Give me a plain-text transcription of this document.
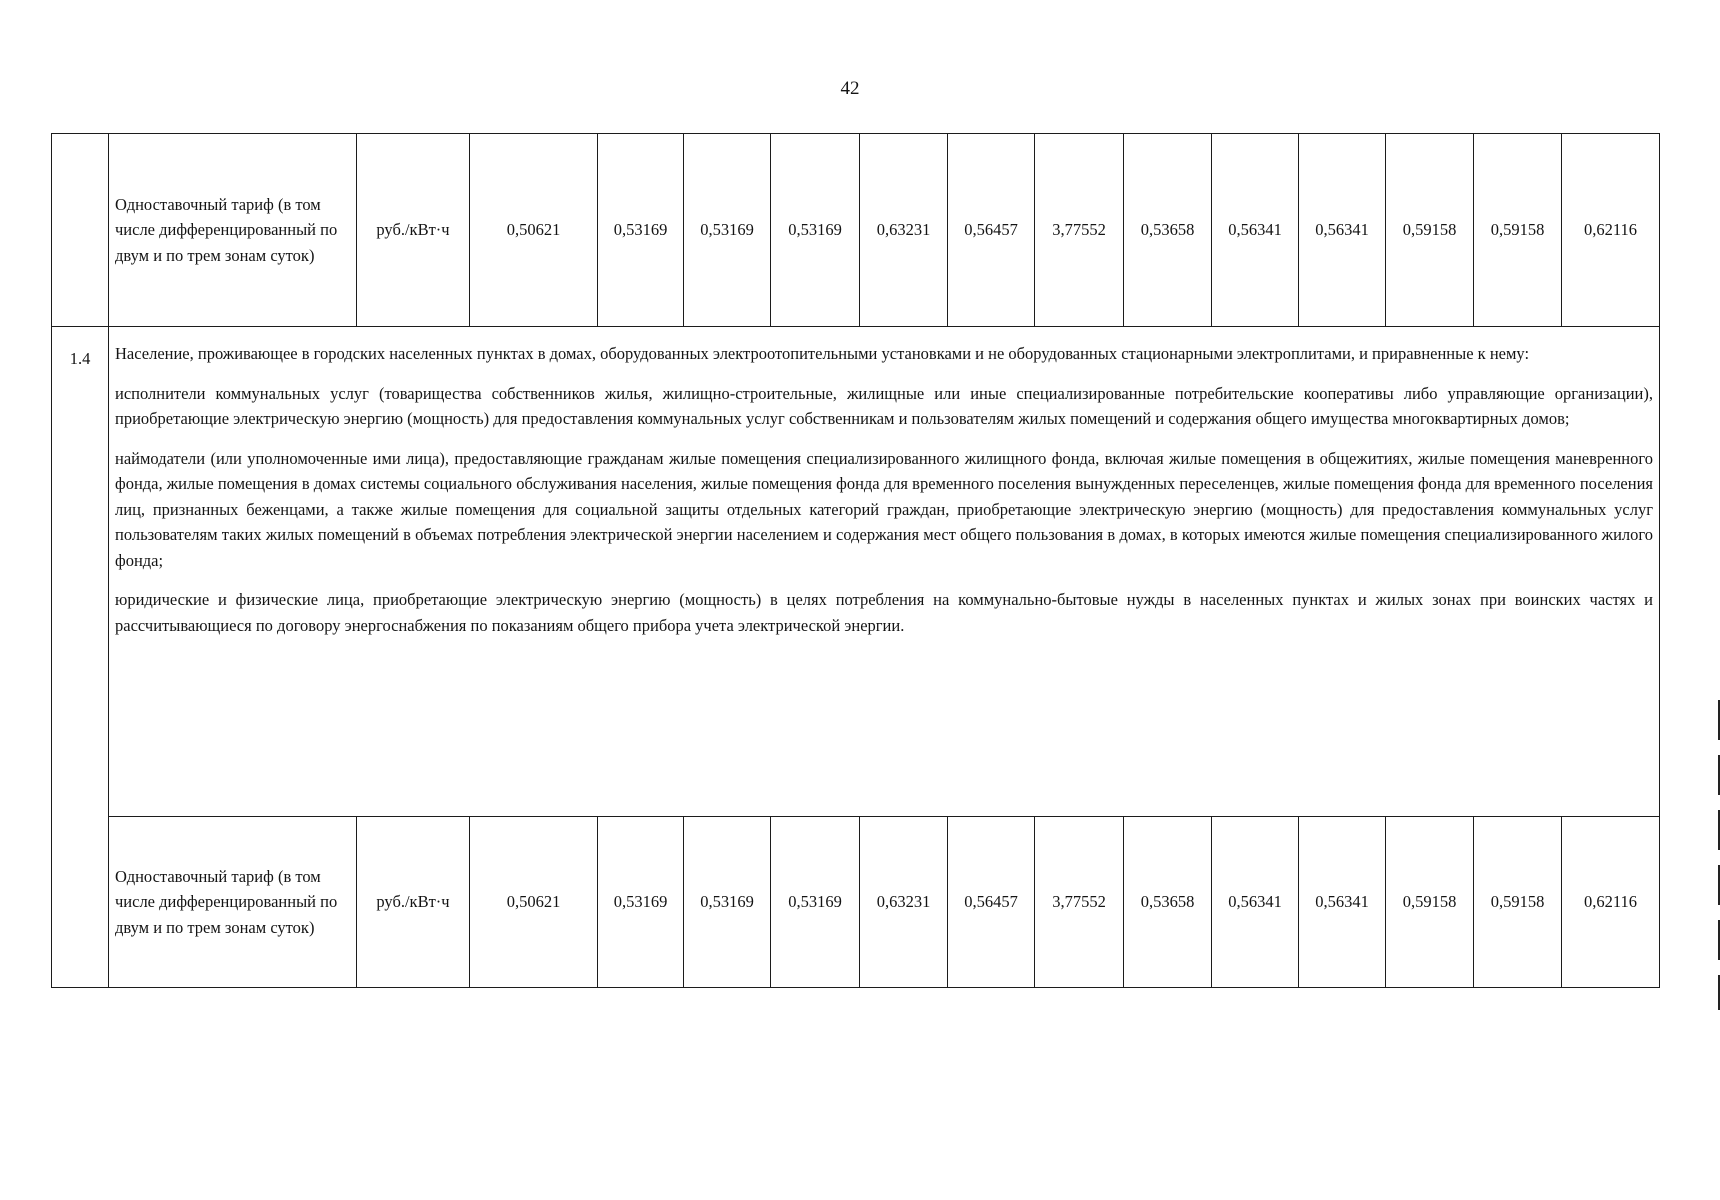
42
	Одноставочный тариф (в том числе дифференцированный по двум и по трем зонам суток)	руб./кВт·ч	0,50621	0,53169	0,53169	0,53169	0,63231	0,56457	3,77552	0,53658	0,56341	0,56341	0,59158	0,59158	0,62116
1.4	Население, проживающее в городских населенных пунктах в домах, оборудованных электроотопительными установками и не оборудованных стационарными электроплитами, и приравненные к нему:

исполнители коммунальных услуг (товарищества собственников жилья, жилищно-строительные, жилищные или иные специализированные потребительские кооперативы либо управляющие организации), приобретающие электрическую энергию (мощность) для предоставления коммунальных услуг собственникам и пользователям жилых помещений и содержания общего имущества многоквартирных домов;

наймодатели (или уполномоченные ими лица), предоставляющие гражданам жилые помещения специализированного жилищного фонда, включая жилые помещения в общежитиях, жилые помещения маневренного фонда, жилые помещения в домах системы социального обслуживания населения, жилые помещения фонда для временного поселения вынужденных переселенцев, жилые помещения фонда для временного поселения лиц, признанных беженцами, а также жилые помещения для социальной защиты отдельных категорий граждан, приобретающие электрическую энергию (мощность) для предоставления коммунальных услуг пользователям таких жилых помещений в объемах потребления электрической энергии населением и содержания мест общего пользования в домах, в которых имеются жилые помещения специализированного жилого фонда;

юридические и физические лица, приобретающие электрическую энергию (мощность) в целях потребления на коммунально-бытовые нужды в населенных пунктах и жилых зонах при воинских частях и рассчитывающиеся по договору энергоснабжения по показаниям общего прибора учета электрической энергии.														

	Одноставочный тариф (в том числе дифференцированный по двум и по трем зонам суток)	руб./кВт·ч	0,50621	0,53169	0,53169	0,53169	0,63231	0,56457	3,77552	0,53658	0,56341	0,56341	0,59158	0,59158	0,62116
